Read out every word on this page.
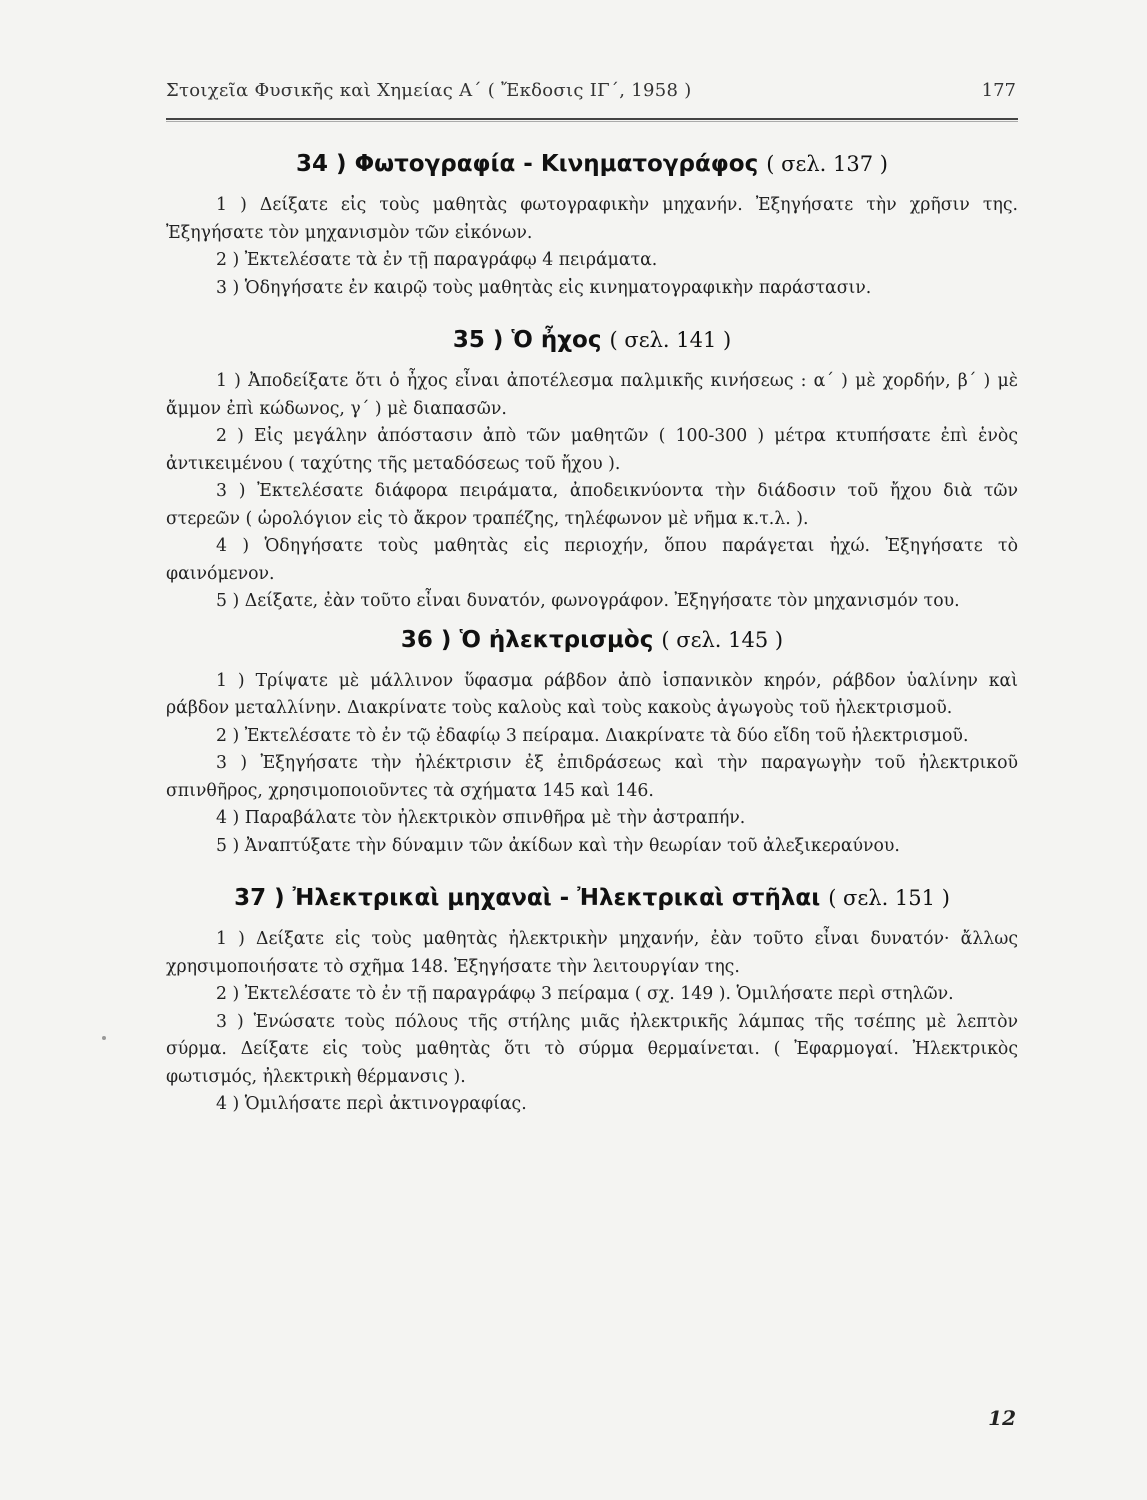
Στοιχεῖα Φυσικῆς καὶ Χημείας Α΄ ( Ἔκδοσις ΙΓ΄, 1958 )	177
34 ) Φωτογραφία - Κινηματογράφος ( σελ. 137 )

1 ) Δείξατε εἰς τοὺς μαθητὰς φωτογραφικὴν μηχανήν. Ἐξηγήσατε τὴν χρῆσιν της. Ἐξηγήσατε τὸν μηχανισμὸν τῶν εἰκόνων.

2 ) Ἐκτελέσατε τὰ ἐν τῇ παραγράφῳ 4 πειράματα.

3 ) Ὁδηγήσατε ἐν καιρῷ τοὺς μαθητὰς εἰς κινηματογραφικὴν παράστασιν.

35 ) Ὁ ἦχος ( σελ. 141 )

1 ) Ἀποδείξατε ὅτι ὁ ἦχος εἶναι ἀποτέλεσμα παλμικῆς κινήσεως : α΄ ) μὲ χορδήν, β΄ ) μὲ ἄμμον ἐπὶ κώδωνος, γ΄ ) μὲ διαπασῶν.

2 ) Εἰς μεγάλην ἀπόστασιν ἀπὸ τῶν μαθητῶν ( 100-300 ) μέτρα κτυπήσατε ἐπὶ ἑνὸς ἀντικειμένου ( ταχύτης τῆς μεταδόσεως τοῦ ἤχου ).

3 ) Ἐκτελέσατε διάφορα πειράματα, ἀποδεικνύοντα τὴν διάδοσιν τοῦ ἤχου διὰ τῶν στερεῶν ( ὡρολόγιον εἰς τὸ ἄκρον τραπέζης, τηλέφωνον μὲ νῆμα κ.τ.λ. ).

4 ) Ὁδηγήσατε τοὺς μαθητὰς εἰς περιοχήν, ὅπου παράγεται ἠχώ. Ἐξηγήσατε τὸ φαινόμενον.

5 ) Δείξατε, ἐὰν τοῦτο εἶναι δυνατόν, φωνογράφον. Ἐξηγήσατε τὸν μηχανισμόν του.

36 ) Ὁ ἠλεκτρισμὸς ( σελ. 145 )

1 ) Τρίψατε μὲ μάλλινον ὕφασμα ράβδον ἀπὸ ἱσπανικὸν κηρόν, ράβδον ὑαλίνην καὶ ράβδον μεταλλίνην. Διακρίνατε τοὺς καλοὺς καὶ τοὺς κακοὺς ἀγωγοὺς τοῦ ἠλεκτρισμοῦ.

2 ) Ἐκτελέσατε τὸ ἐν τῷ ἐδαφίῳ 3 πείραμα. Διακρίνατε τὰ δύο εἴδη τοῦ ἠλεκτρισμοῦ.

3 ) Ἐξηγήσατε τὴν ἠλέκτρισιν ἐξ ἐπιδράσεως καὶ τὴν παραγωγὴν τοῦ ἠλεκτρικοῦ σπινθῆρος, χρησιμοποιοῦντες τὰ σχήματα 145 καὶ 146.

4 ) Παραβάλατε τὸν ἠλεκτρικὸν σπινθῆρα μὲ τὴν ἀστραπήν.

5 ) Ἀναπτύξατε τὴν δύναμιν τῶν ἀκίδων καὶ τὴν θεωρίαν τοῦ ἀλεξικεραύνου.

37 ) Ἠλεκτρικαὶ μηχαναὶ - Ἠλεκτρικαὶ στῆλαι ( σελ. 151 )

1 ) Δείξατε εἰς τοὺς μαθητὰς ἠλεκτρικὴν μηχανήν, ἐὰν τοῦτο εἶναι δυνατόν· ἄλλως χρησιμοποιήσατε τὸ σχῆμα 148. Ἐξηγήσατε τὴν λειτουργίαν της.

2 ) Ἐκτελέσατε τὸ ἐν τῇ παραγράφῳ 3 πείραμα ( σχ. 149 ). Ὁμιλήσατε περὶ στηλῶν.

3 ) Ἑνώσατε τοὺς πόλους τῆς στήλης μιᾶς ἠλεκτρικῆς λάμπας τῆς τσέπης μὲ λεπτὸν σύρμα. Δείξατε εἰς τοὺς μαθητὰς ὅτι τὸ σύρμα θερμαίνεται. ( Ἐφαρμογαί. Ἠλεκτρικὸς φωτισμός, ἠλεκτρικὴ θέρμανσις ).

4 ) Ὁμιλήσατε περὶ ἀκτινογραφίας.

12
